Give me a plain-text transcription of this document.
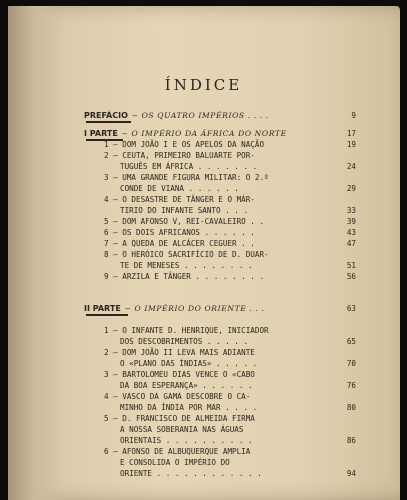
ÍNDICE
PREFÁCIO — OS QUATRO IMPÉRIOS . . . .	9
I PARTE — O IMPÉRIO DA ÁFRICA DO NORTE	17
1 — DOM JOÃO I E OS APELOS DA NAÇÃO	19
2 — CEUTA, PRIMEIRO BALUARTE POR-
TUGUÊS EM ÁFRICA . . . . . . .	24
3 — UMA GRANDE FIGURA MILITAR: O 2.º
CONDE DE VIANA . . . . . .	29
4 — O DESASTRE DE TÂNGER E O MÁR-
TIRIO DO INFANTE SANTO . . .	33
5 — DOM AFONSO V, REI-CAVALEIRO . .	39
6 — OS DOIS AFRICANOS . . . . . .	43
7 — A QUEDA DE ALCÁCER CEGUER . .	47
8 — O HERÓICO SACRIFÍCIO DE D. DUAR-
TE DE MENESES . . . . . . . .	51
9 — ARZILA E TÂNGER . . . . . . . .	56
II PARTE — O IMPÉRIO DO ORIENTE . . .	63
1 — O INFANTE D. HENRIQUE, INICIADOR
DOS DESCOBRIMENTOS . . . . .	65
2 — DOM JOÃO II LEVA MAIS ADIANTE
O «PLANO DAS ÍNDIAS» . . . . .	70
3 — BARTOLOMEU DIAS VENCE O «CABO
DA BOA ESPERANÇA» . . . . . .	76
4 — VASCO DA GAMA DESCOBRE O CA-
MINHO DA ÍNDIA POR MAR . . . .	80
5 — D. FRANCISCO DE ALMEIDA FIRMA
A NOSSA SOBERANIA NAS ÁGUAS
ORIENTAIS . . . . . . . . . .	86
6 — AFONSO DE ALBUQUERQUE AMPLIA
E CONSOLIDA O IMPÉRIO DO
ORIENTE . . . . . . . . . . . .	94
